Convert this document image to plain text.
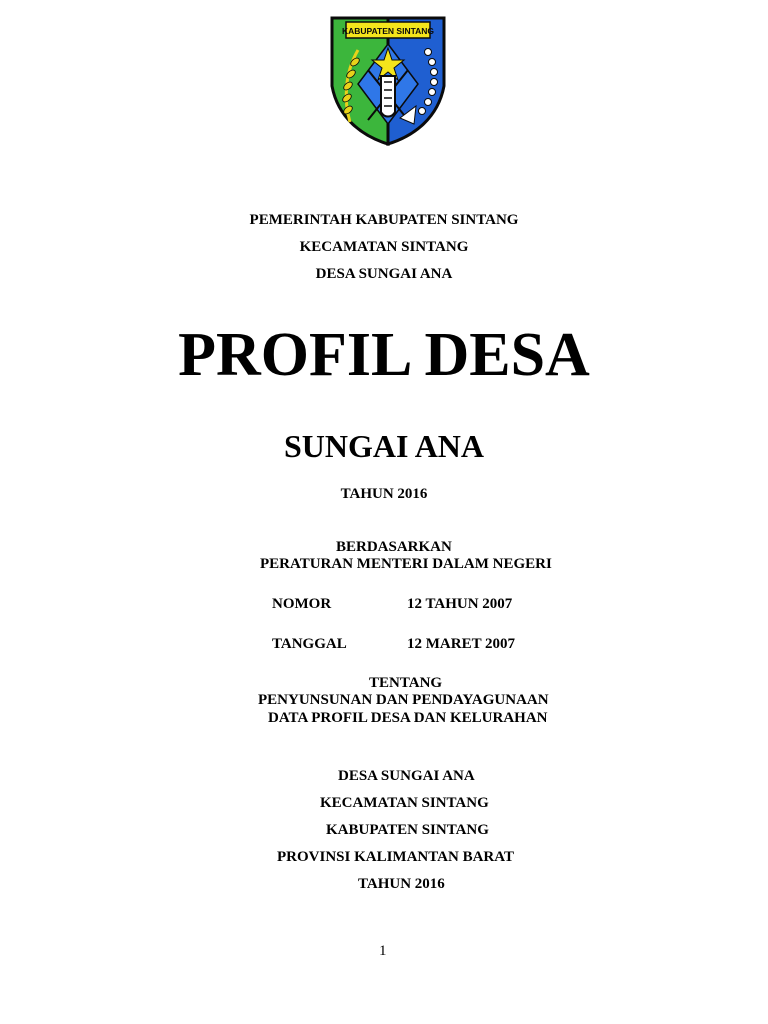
KABUPATEN SINTANG
PEMERINTAH KABUPATEN SINTANG
KECAMATAN SINTANG
DESA SUNGAI ANA
PROFIL DESA
SUNGAI ANA
TAHUN 2016
BERDASARKAN
PERATURAN MENTERI DALAM NEGERI
NOMOR	12 TAHUN 2007
TANGGAL	12 MARET 2007
TENTANG
PENYUNSUNAN DAN PENDAYAGUNAAN
DATA PROFIL DESA DAN KELURAHAN
DESA SUNGAI ANA
KECAMATAN SINTANG
KABUPATEN SINTANG
PROVINSI KALIMANTAN BARAT
TAHUN 2016
1
